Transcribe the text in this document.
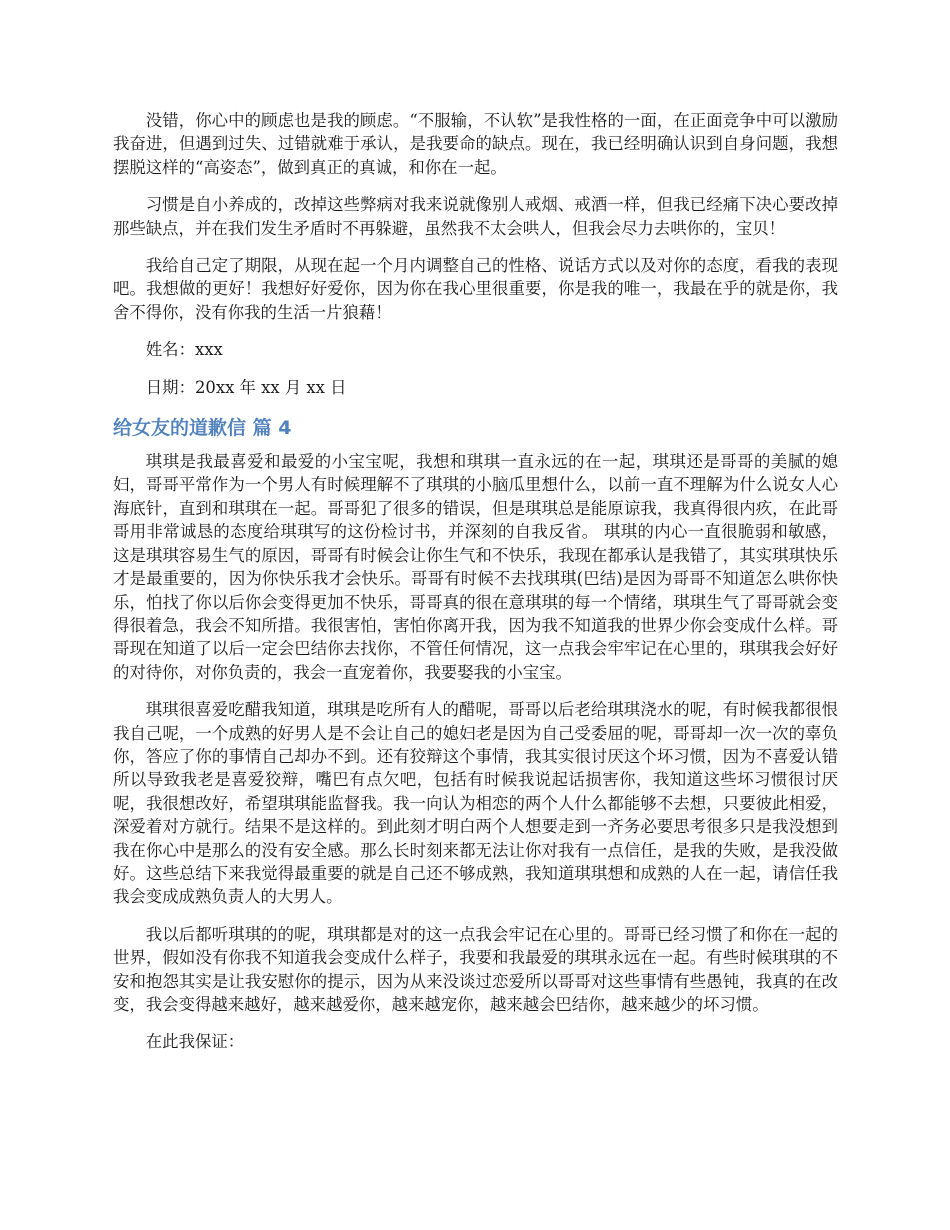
没错，你心中的顾虑也是我的顾虑。“不服输，不认软”是我性格的一面，在正面竞争中可以激励我奋进，但遇到过失、过错就难于承认，是我要命的缺点。现在，我已经明确认识到自身问题，我想摆脱这样的“高姿态”，做到真正的真诚，和你在一起。

习惯是自小养成的，改掉这些弊病对我来说就像别人戒烟、戒酒一样，但我已经痛下决心要改掉那些缺点，并在我们发生矛盾时不再躲避，虽然我不太会哄人，但我会尽力去哄你的，宝贝！

我给自己定了期限，从现在起一个月内调整自己的性格、说话方式以及对你的态度，看我的表现吧。我想做的更好！我想好好爱你，因为你在我心里很重要，你是我的唯一，我最在乎的就是你，我舍不得你，没有你我的生活一片狼藉！

姓名：xxx

日期：20xx 年 xx 月 xx 日

给女友的道歉信 篇 4

琪琪是我最喜爱和最爱的小宝宝呢，我想和琪琪一直永远的在一起，琪琪还是哥哥的美腻的媳妇，哥哥平常作为一个男人有时候理解不了琪琪的小脑瓜里想什么，以前一直不理解为什么说女人心海底针，直到和琪琪在一起。哥哥犯了很多的错误，但是琪琪总是能原谅我，我真得很内疚，在此哥哥用非常诚恳的态度给琪琪写的这份检讨书，并深刻的自我反省。 琪琪的内心一直很脆弱和敏感，这是琪琪容易生气的原因，哥哥有时候会让你生气和不快乐，我现在都承认是我错了，其实琪琪快乐才是最重要的，因为你快乐我才会快乐。哥哥有时候不去找琪琪(巴结)是因为哥哥不知道怎么哄你快乐，怕找了你以后你会变得更加不快乐，哥哥真的很在意琪琪的每一个情绪，琪琪生气了哥哥就会变得很着急，我会不知所措。我很害怕，害怕你离开我，因为我不知道我的世界少你会变成什么样。哥哥现在知道了以后一定会巴结你去找你，不管任何情况，这一点我会牢牢记在心里的，琪琪我会好好的对待你，对你负责的，我会一直宠着你，我要娶我的小宝宝。

琪琪很喜爱吃醋我知道，琪琪是吃所有人的醋呢，哥哥以后老给琪琪浇水的呢，有时候我都很恨我自己呢，一个成熟的好男人是不会让自己的媳妇老是因为自己受委屈的呢，哥哥却一次一次的辜负你，答应了你的事情自己却办不到。还有狡辩这个事情，我其实很讨厌这个坏习惯，因为不喜爱认错所以导致我老是喜爱狡辩，嘴巴有点欠吧，包括有时候我说起话损害你，我知道这些坏习惯很讨厌呢，我很想改好，希望琪琪能监督我。我一向认为相恋的两个人什么都能够不去想，只要彼此相爱，深爱着对方就行。结果不是这样的。到此刻才明白两个人想要走到一齐务必要思考很多只是我没想到我在你心中是那么的没有安全感。那么长时刻来都无法让你对我有一点信任，是我的失败，是我没做好。这些总结下来我觉得最重要的就是自己还不够成熟，我知道琪琪想和成熟的人在一起，请信任我我会变成成熟负责人的大男人。

我以后都听琪琪的的呢，琪琪都是对的这一点我会牢记在心里的。哥哥已经习惯了和你在一起的世界，假如没有你我不知道我会变成什么样子，我要和我最爱的琪琪永远在一起。有些时候琪琪的不安和抱怨其实是让我安慰你的提示，因为从来没谈过恋爱所以哥哥对这些事情有些愚钝，我真的在改变，我会变得越来越好，越来越爱你，越来越宠你，越来越会巴结你，越来越少的坏习惯。

在此我保证：
